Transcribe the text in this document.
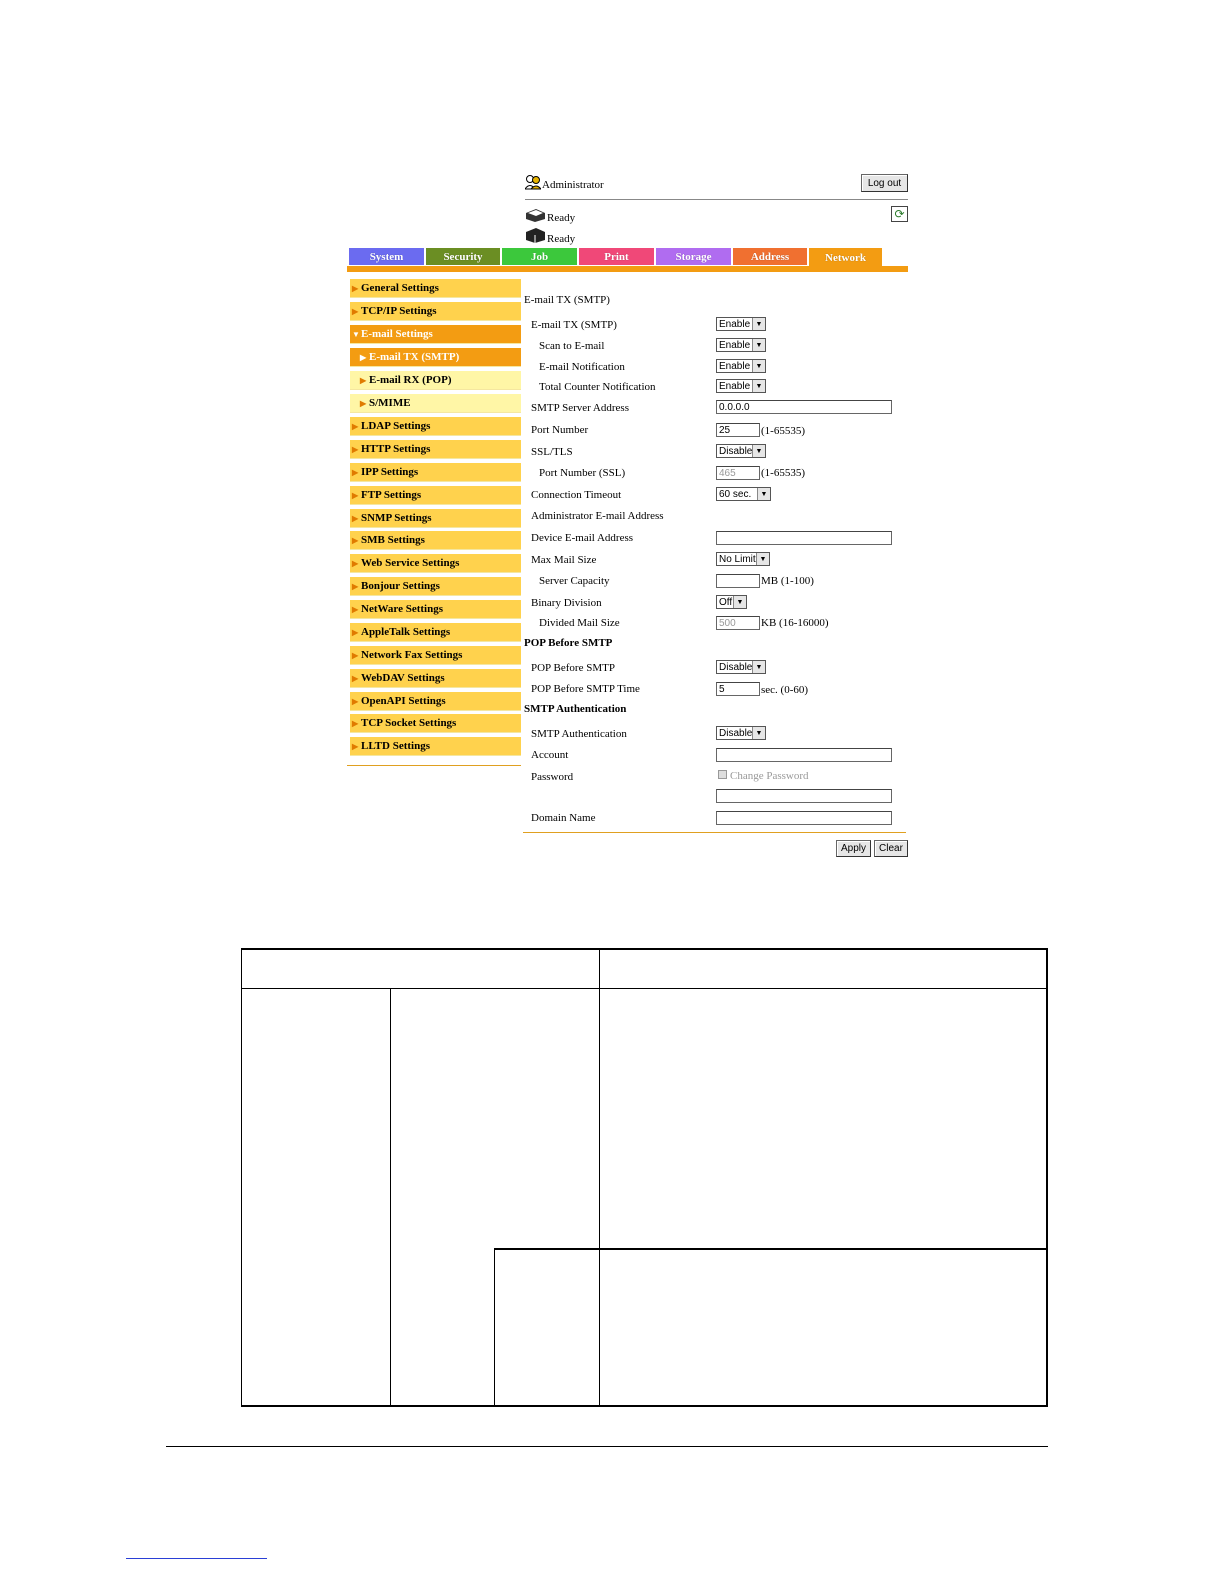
Administrator	Log out
⟳
Ready
Ready
System	Security	Job	Print	Storage	Address	Network
▶ General Settings
▶ TCP/IP Settings
▼ E-mail Settings
▶ E-mail TX (SMTP)
▶ E-mail RX (POP)
▶ S/MIME
▶ LDAP Settings
▶ HTTP Settings
▶ IPP Settings
▶ FTP Settings
▶ SNMP Settings
▶ SMB Settings
▶ Web Service Settings
▶ Bonjour Settings
▶ NetWare Settings
▶ AppleTalk Settings
▶ Network Fax Settings
▶ WebDAV Settings
▶ OpenAPI Settings
▶ TCP Socket Settings
▶ LLTD Settings
E-mail TX (SMTP)
E-mail TX (SMTP)	Enable ▼
Scan to E-mail	Enable ▼
E-mail Notification	Enable ▼
Total Counter Notification	Enable ▼
SMTP Server Address	0.0.0.0
Port Number	25	(1-65535)
SSL/TLS	Disable ▼
Port Number (SSL)	465	(1-65535)
Connection Timeout	60 sec.	▼
Administrator E-mail Address
Device E-mail Address
Max Mail Size	No Limit ▼
Server Capacity	MB (1-100)
Binary Division	Off ▼
Divided Mail Size	500	KB (16-16000)
POP Before SMTP
POP Before SMTP	Disable ▼
POP Before SMTP Time	5	sec. (0-60)
SMTP Authentication
SMTP Authentication	Disable ▼
Account
Password	Change Password
Domain Name
Apply	Clear
